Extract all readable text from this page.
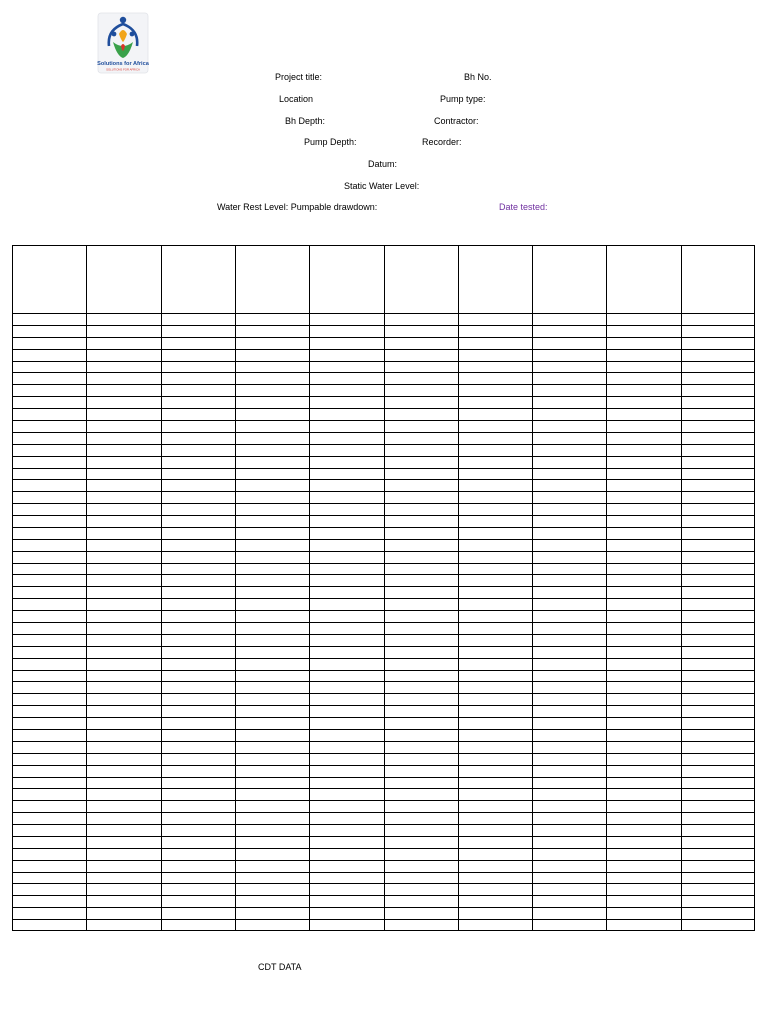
Solutions for Africa
SOLUTIONS FOR AFRICA
Project title:	Bh No.
Location	Pump type:
Bh Depth:	Contractor:
Pump Depth:	Recorder:
Datum:
Static Water Level:
Water Rest Level: Pumpable drawdown:	Date tested:
CDT DATA
